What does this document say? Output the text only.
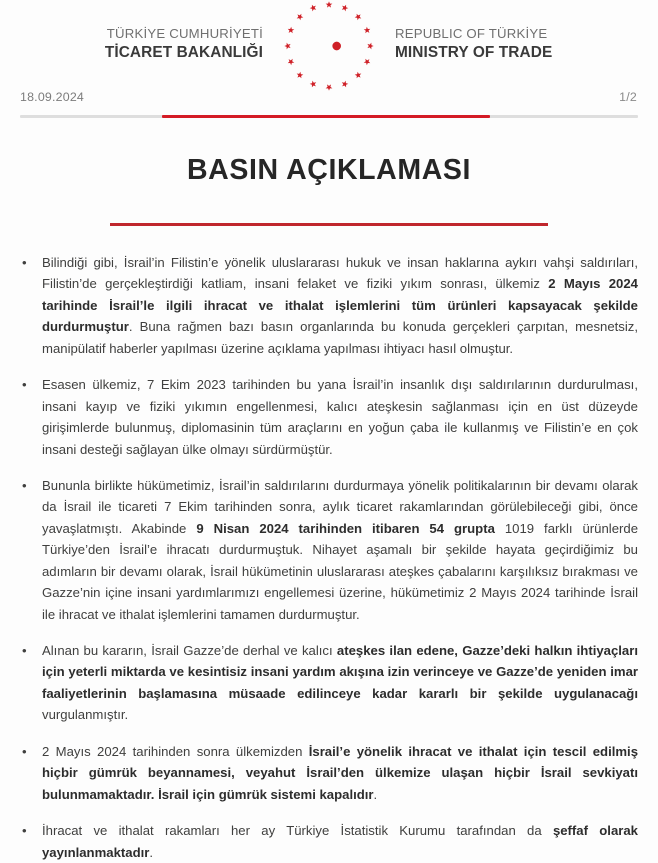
TÜRKİYE CUMHURİYETİ
TİCARET BAKANLIĞI
REPUBLIC OF TÜRKİYE
MINISTRY OF TRADE
18.09.2024	1/2
BASIN AÇIKLAMASI

• Bilindiği gibi, İsrail’in Filistin’e yönelik uluslararası hukuk ve insan haklarına aykırı vahşi saldırıları, Filistin’de gerçekleştirdiği katliam, insani felaket ve fiziki yıkım sonrası, ülkemiz 2 Mayıs 2024 tarihinde İsrail’le ilgili ihracat ve ithalat işlemlerini tüm ürünleri kapsayacak şekilde durdurmuştur. Buna rağmen bazı basın organlarında bu konuda gerçekleri çarpıtan, mesnetsiz, manipülatif haberler yapılması üzerine açıklama yapılması ihtiyacı hasıl olmuştur.

• Esasen ülkemiz, 7 Ekim 2023 tarihinden bu yana İsrail’in insanlık dışı saldırılarının durdurulması, insani kayıp ve fiziki yıkımın engellenmesi, kalıcı ateşkesin sağlanması için en üst düzeyde girişimlerde bulunmuş, diplomasinin tüm araçlarını en yoğun çaba ile kullanmış ve Filistin’e en çok insani desteği sağlayan ülke olmayı sürdürmüştür.

• Bununla birlikte hükümetimiz, İsrail’in saldırılarını durdurmaya yönelik politikalarının bir devamı olarak da İsrail ile ticareti 7 Ekim tarihinden sonra, aylık ticaret rakamlarından görülebileceği gibi, önce yavaşlatmıştı. Akabinde 9 Nisan 2024 tarihinden itibaren 54 grupta 1019 farklı ürünlerde Türkiye’den İsrail’e ihracatı durdurmuştuk. Nihayet aşamalı bir şekilde hayata geçirdiğimiz bu adımların bir devamı olarak, İsrail hükümetinin uluslararası ateşkes çabalarını karşılıksız bırakması ve Gazze’nin içine insani yardımlarımızı engellemesi üzerine, hükümetimiz 2 Mayıs 2024 tarihinde İsrail ile ihracat ve ithalat işlemlerini tamamen durdurmuştur.

• Alınan bu kararın, İsrail Gazze’de derhal ve kalıcı ateşkes ilan edene, Gazze’deki halkın ihtiyaçları için yeterli miktarda ve kesintisiz insani yardım akışına izin verinceye ve Gazze’de yeniden imar faaliyetlerinin başlamasına müsaade edilinceye kadar kararlı bir şekilde uygulanacağı vurgulanmıştır.

• 2 Mayıs 2024 tarihinden sonra ülkemizden İsrail’e yönelik ihracat ve ithalat için tescil edilmiş hiçbir gümrük beyannamesi, veyahut İsrail’den ülkemize ulaşan hiçbir İsrail sevkiyatı bulunmamaktadır. İsrail için gümrük sistemi kapalıdır.

• İhracat ve ithalat rakamları her ay Türkiye İstatistik Kurumu tarafından da şeffaf olarak yayınlanmaktadır.
